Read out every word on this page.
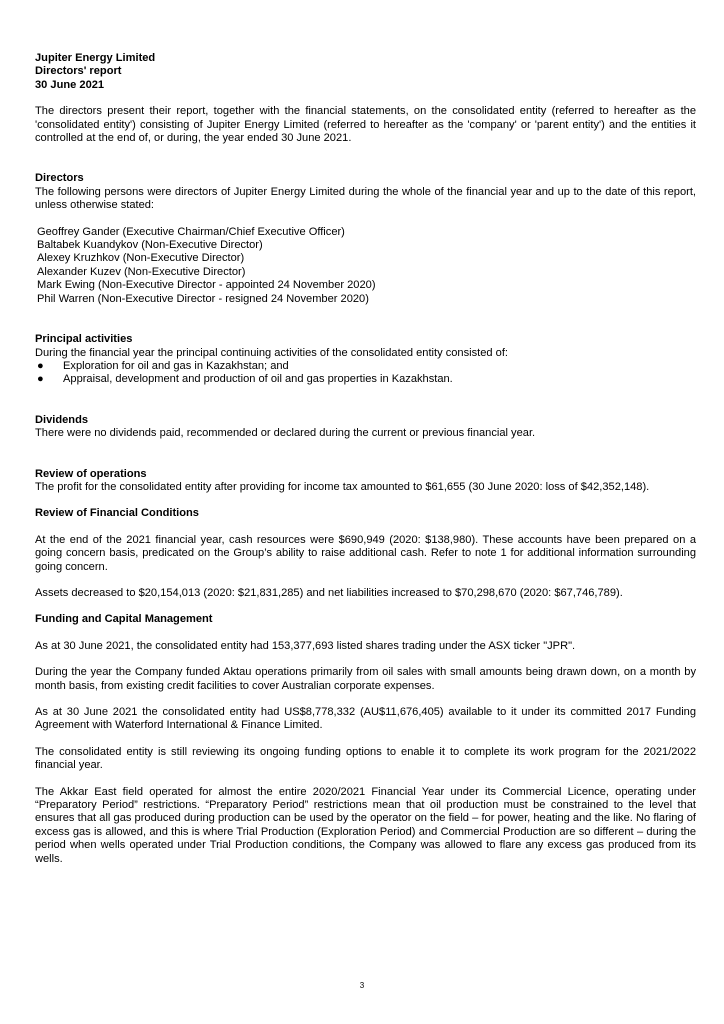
Jupiter Energy Limited
Directors' report
30 June 2021

The directors present their report, together with the financial statements, on the consolidated entity (referred to hereafter as the 'consolidated entity') consisting of Jupiter Energy Limited (referred to hereafter as the 'company' or 'parent entity') and the entities it controlled at the end of, or during, the year ended 30 June 2021.

Directors

The following persons were directors of Jupiter Energy Limited during the whole of the financial year and up to the date of this report, unless otherwise stated:

Geoffrey Gander (Executive Chairman/Chief Executive Officer)
Baltabek Kuandykov (Non-Executive Director)
Alexey Kruzhkov (Non-Executive Director)
Alexander Kuzev (Non-Executive Director)
Mark Ewing (Non-Executive Director - appointed 24 November 2020)
Phil Warren (Non-Executive Director - resigned 24 November 2020)
Principal activities

During the financial year the principal continuing activities of the consolidated entity consisted of:

● Exploration for oil and gas in Kazakhstan; and
● Appraisal, development and production of oil and gas properties in Kazakhstan.
Dividends

There were no dividends paid, recommended or declared during the current or previous financial year.

Review of operations

The profit for the consolidated entity after providing for income tax amounted to $61,655 (30 June 2020: loss of $42,352,148).

Review of Financial Conditions

At the end of the 2021 financial year, cash resources were $690,949 (2020: $138,980). These accounts have been prepared on a going concern basis, predicated on the Group’s ability to raise additional cash. Refer to note 1 for additional information surrounding going concern.

Assets decreased to $20,154,013 (2020: $21,831,285) and net liabilities increased to $70,298,670 (2020: $67,746,789).

Funding and Capital Management

As at 30 June 2021, the consolidated entity had 153,377,693 listed shares trading under the ASX ticker "JPR".

During the year the Company funded Aktau operations primarily from oil sales with small amounts being drawn down, on a month by month basis, from existing credit facilities to cover Australian corporate expenses.

As at 30 June 2021 the consolidated entity had US$8,778,332 (AU$11,676,405) available to it under its committed 2017 Funding Agreement with Waterford International & Finance Limited.

The consolidated entity is still reviewing its ongoing funding options to enable it to complete its work program for the 2021/2022 financial year.

The Akkar East field operated for almost the entire 2020/2021 Financial Year under its Commercial Licence, operating under “Preparatory Period” restrictions. “Preparatory Period” restrictions mean that oil production must be constrained to the level that ensures that all gas produced during production can be used by the operator on the field – for power, heating and the like. No flaring of excess gas is allowed, and this is where Trial Production (Exploration Period) and Commercial Production are so different – during the period when wells operated under Trial Production conditions, the Company was allowed to flare any excess gas produced from its wells.

3
